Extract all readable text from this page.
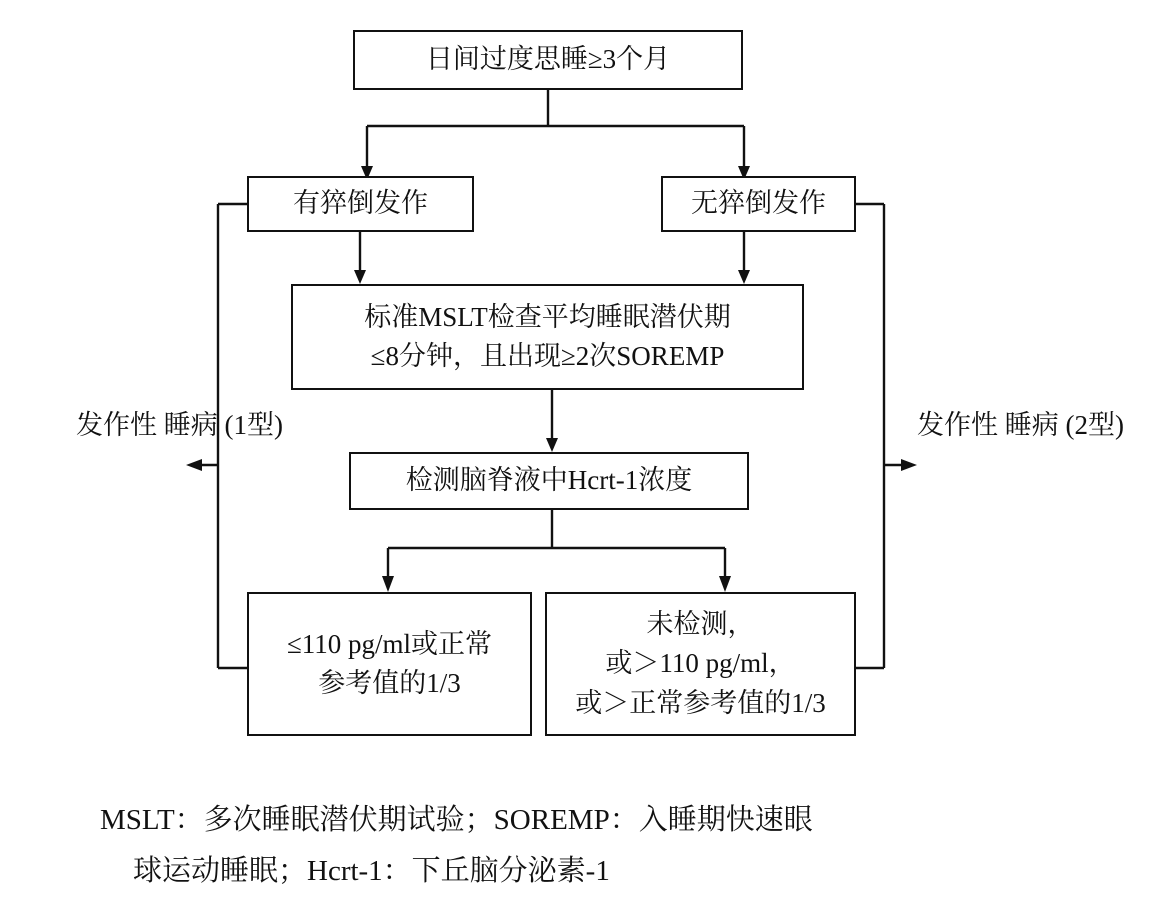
日间过度思睡≥3个月
有猝倒发作	无猝倒发作
标准MSLT检查平均睡眠潜伏期
≤8分钟，且出现≥2次SOREMP
检测脑脊液中Hcrt-1浓度
≤110 pg/ml或正常
参考值的1/3
未检测，
或＞110 pg/ml，
或＞正常参考值的1/3
发作性 睡病 (1型)	发作性 睡病 (2型)
MSLT：多次睡眠潜伏期试验；SOREMP：入睡期快速眼
球运动睡眠；Hcrt-1：下丘脑分泌素-1
